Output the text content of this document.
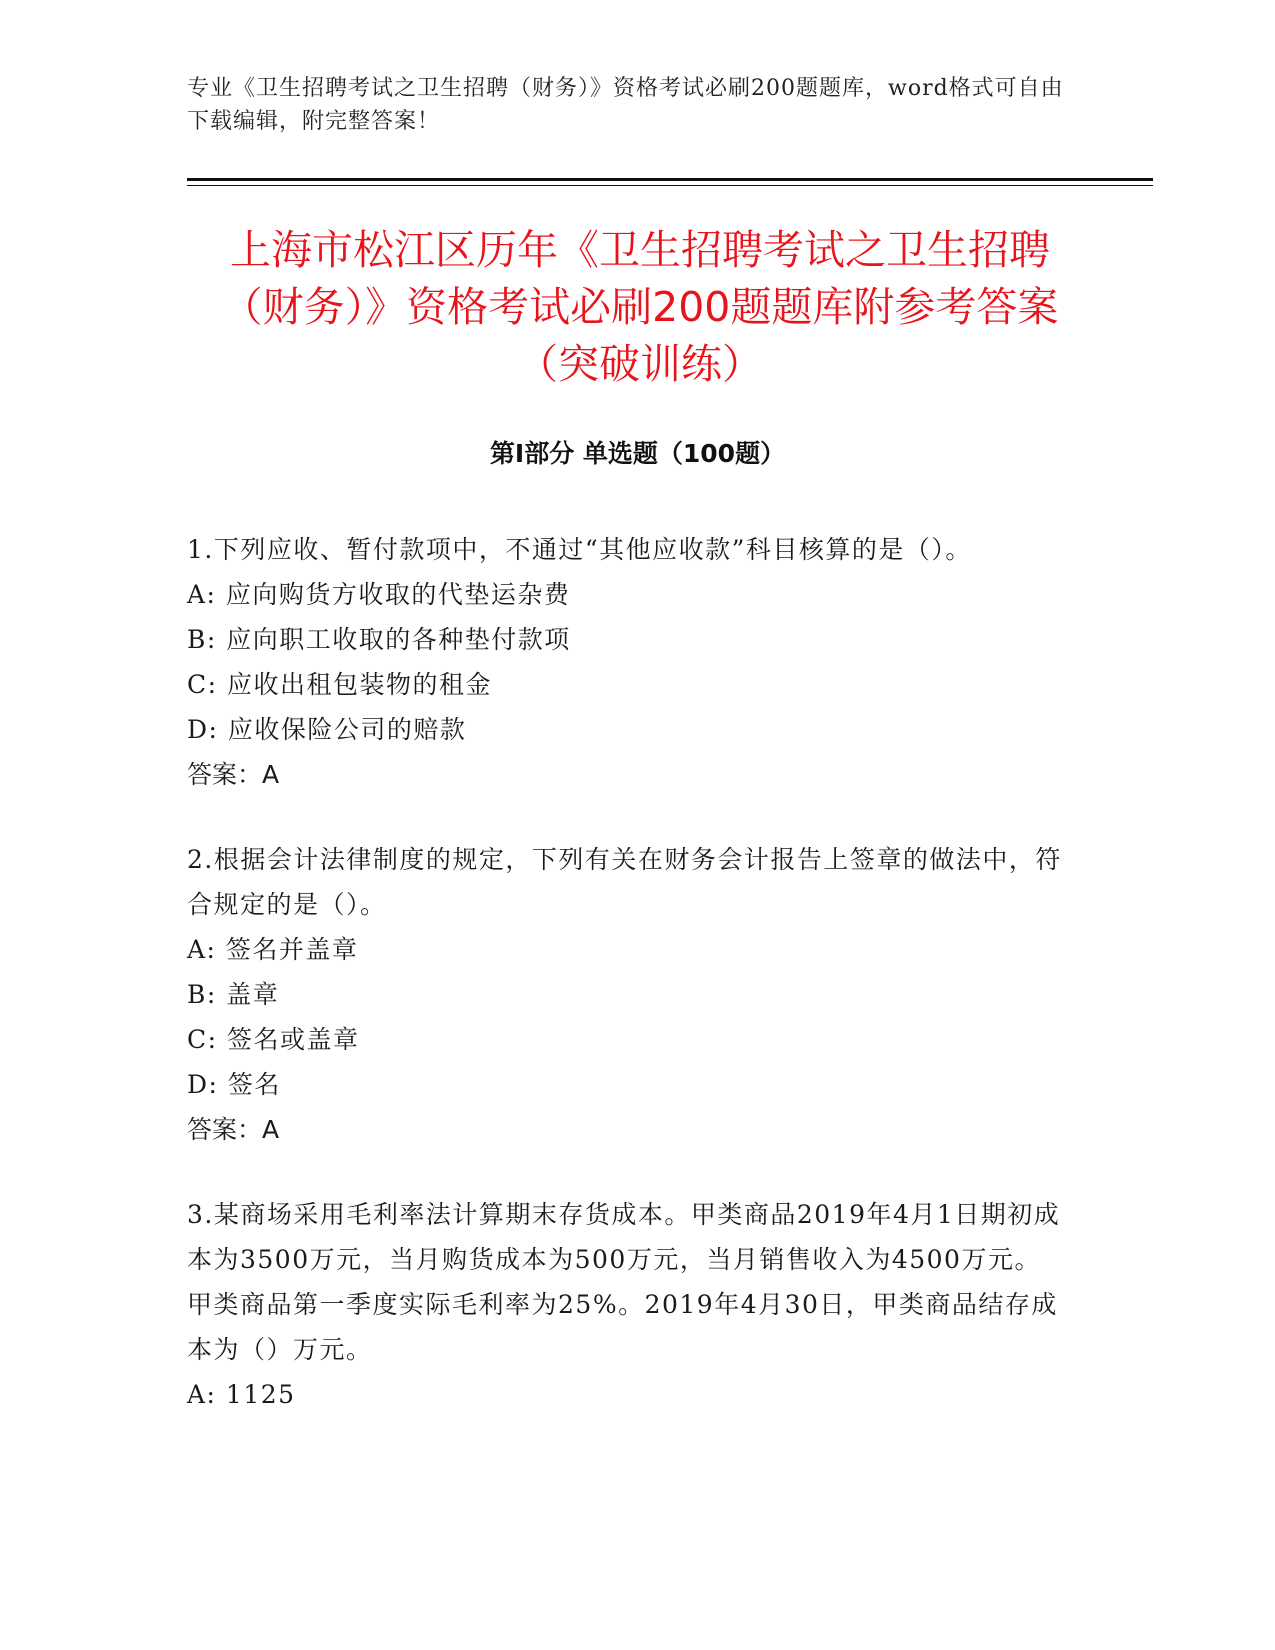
专业《卫生招聘考试之卫生招聘（财务）》资格考试必刷200题题库，word格式可自由下载编辑，附完整答案！
上海市松江区历年《卫生招聘考试之卫生招聘（财务）》资格考试必刷200题题库附参考答案（突破训练）
第Ⅰ部分 单选题（100题）

1.下列应收、暂付款项中，不通过“其他应收款”科目核算的是（）。

A: 应向购货方收取的代垫运杂费

B: 应向职工收取的各种垫付款项

C: 应收出租包装物的租金

D: 应收保险公司的赔款

答案：A

2.根据会计法律制度的规定，下列有关在财务会计报告上签章的做法中，符合规定的是（）。

A: 签名并盖章

B: 盖章

C: 签名或盖章

D: 签名

答案：A

3.某商场采用毛利率法计算期末存货成本。甲类商品2019年4月1日期初成本为3500万元，当月购货成本为500万元，当月销售收入为4500万元。甲类商品第一季度实际毛利率为25%。2019年4月30日，甲类商品结存成本为（）万元。

A: 1125
